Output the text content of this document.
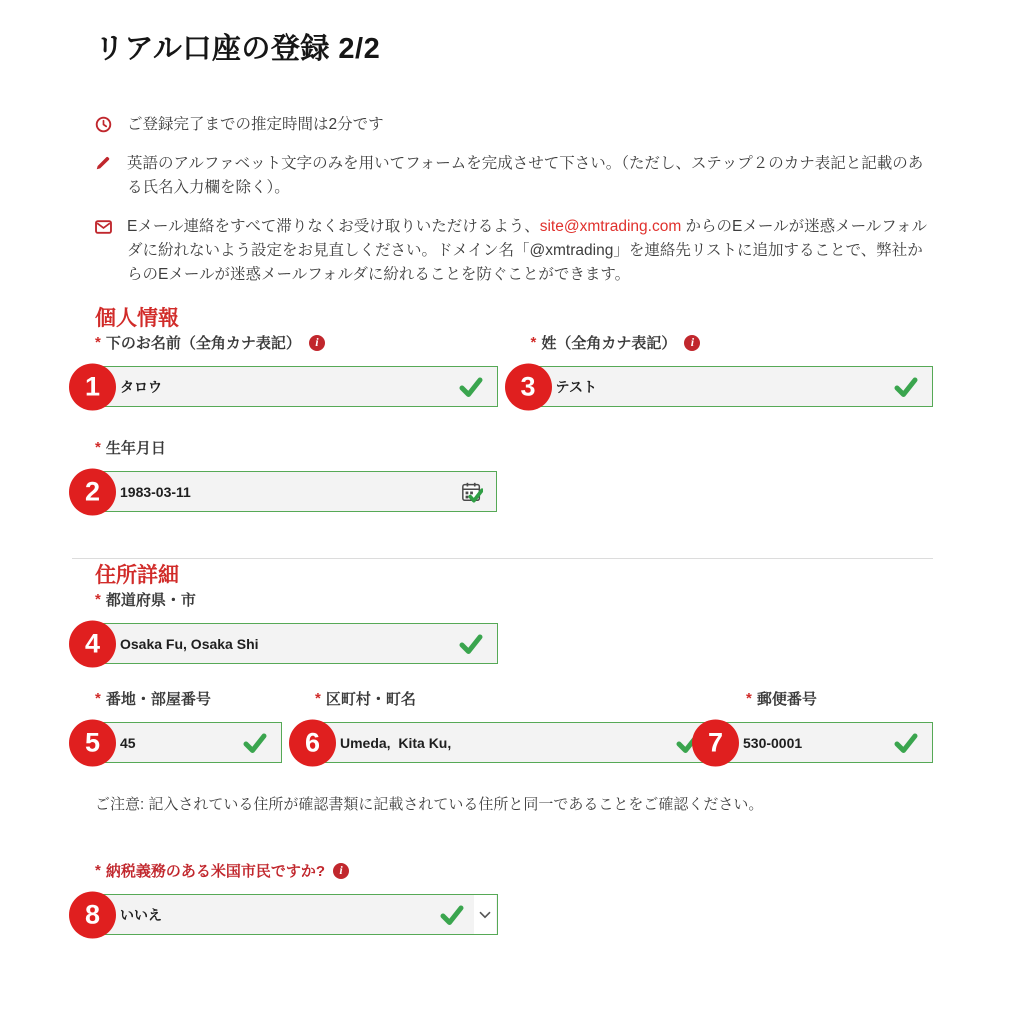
リアル口座の登録 2/2
ご登録完了までの推定時間は2分です
英語のアルファベット文字のみを用いてフォームを完成させて下さい。（ただし、ステップ２のカナ表記と記載のある氏名入力欄を除く）。
Eメール連絡をすべて滞りなくお受け取りいただけるよう、site@xmtrading.com からのEメールが迷惑メールフォルダに紛れないよう設定をお見直しください。ドメイン名「@xmtrading」を連絡先リストに追加することで、弊社からのEメールが迷惑メールフォルダに紛れることを防ぐことができます。
個人情報
* 下のお名前（全角カナ表記）
i
1	タロウ
* 姓（全角カナ表記）
i
3	テスト
* 生年月日
2	1983-03-11
住所詳細
* 都道府県・市
4	Osaka Fu, Osaka Shi
* 番地・部屋番号
5	45
* 区町村・町名
6	Umeda,  Kita Ku,
* 郵便番号
7	530-0001
ご注意: 記入されている住所が確認書類に記載されている住所と同一であることをご確認ください。
* 納税義務のある米国市民ですか?
i
8	いいえ
